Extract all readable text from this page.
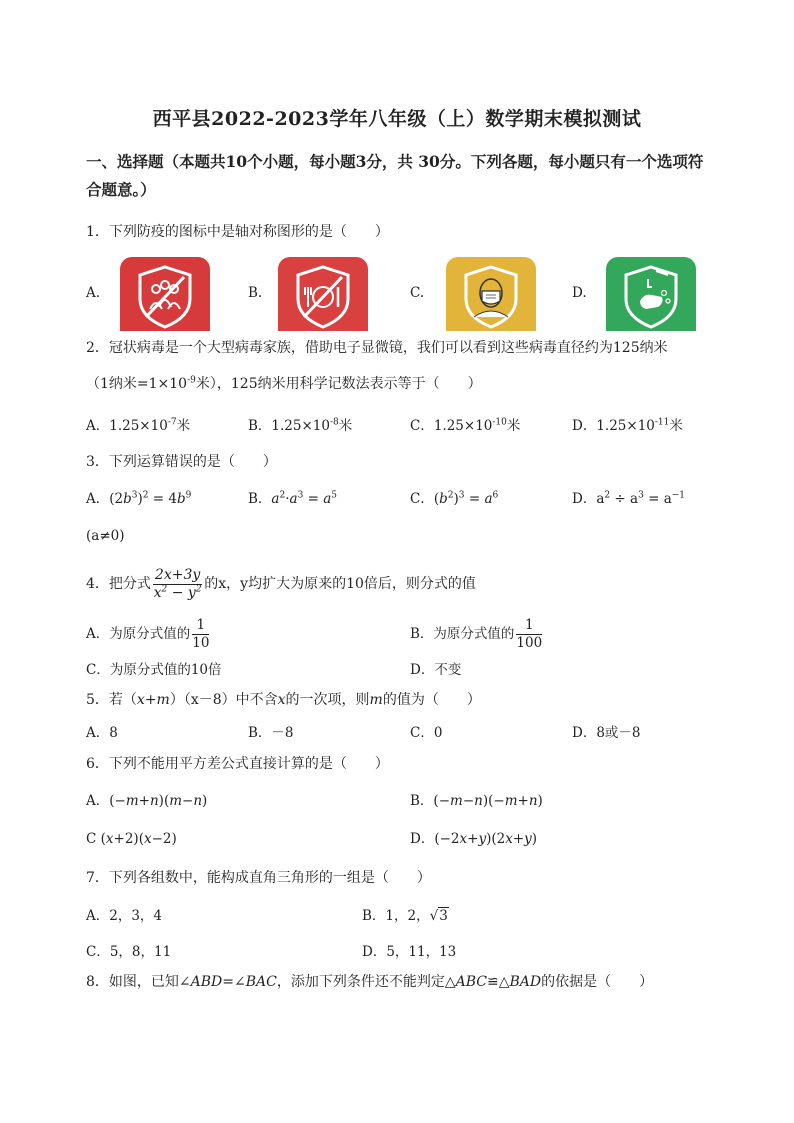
西平县2022-2023学年八年级（上）数学期末模拟测试
一、选择题（本题共10个小题，每小题3分，共 30分。下列各题，每小题只有一个选项符合题意。）
1．下列防疫的图标中是轴对称图形的是（　　）
A.	B.	C.	D.
2．冠状病毒是一个大型病毒家族，借助电子显微镜，我们可以看到这些病毒直径约为125纳米
（1纳米$=1\times 10^{-9}$米），125纳米用科学记数法表示等于（　　）
A．$1.25\times 10^{-7}$米	B．$1.25\times 10^{-8}$米	C．$1.25\times 10^{-10}$米	D．$1.25\times 10^{-11}$米
3．下列运算错误的是（　　）
A．$(2b^3)^2 = 4b^9$	B．$a^2\cdot a^3 = a^5$	C．$(b^2)^3 = a^6$	D．$a^2 \div a^3 = a^{-1}$
(a≠0)
4．把分式 $\frac{2x+3y}{x^2 - y^2}$ 的x，y均扩大为原来的10倍后，则分式的值
A．为原分式值的 $\frac{1}{10}$	B．为原分式值的 $\frac{1}{100}$
C．为原分式值的10倍	D．不变
5．若（x+m）（x－8）中不含x的一次项，则m的值为（　　）
A．8	B．－8	C．0	D．8或－8
6．下列不能用平方差公式直接计算的是（　　）
A．(−m+n)(m−n)	B．(−m−n)(−m+n)
C (x+2)(x−2)	D．(−2x+y)(2x+y)
7．下列各组数中，能构成直角三角形的一组是（　　）
A．2，3，4	B．1，2，√3
C．5，8，11	D．5，11，13
8．如图，已知∠ABD=∠BAC，添加下列条件还不能判定△ABC≌△BAD的依据是（　　）
